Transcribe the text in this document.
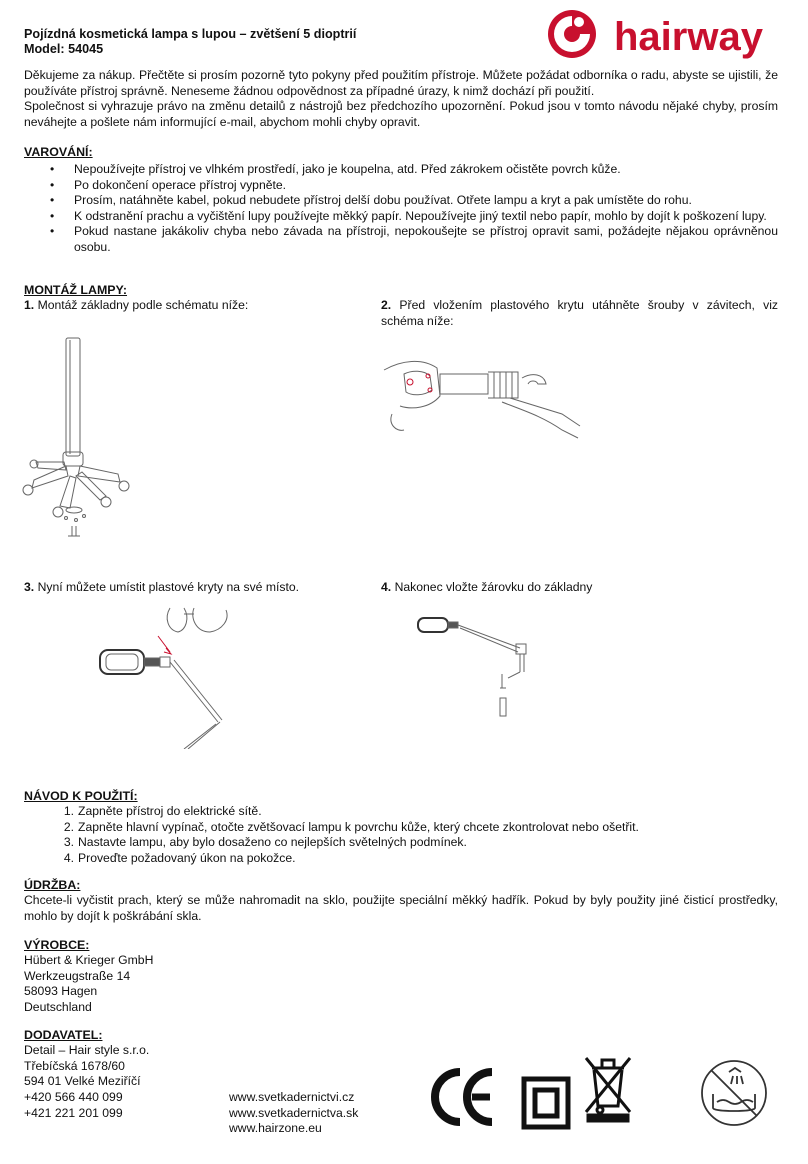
Pojízdná kosmetická lampa s lupou – zvětšení 5 dioptrií
Model: 54045	hairway
Děkujeme za nákup. Přečtěte si prosím pozorně tyto pokyny před použitím přístroje. Můžete požádat odborníka o radu, abyste se ujistili, že používáte přístroj správně. Neneseme žádnou odpovědnost za případné úrazy, k nimž dochází při použití.
Společnost si vyhrazuje právo na změnu detailů z nástrojů bez předchozího upozornění. Pokud jsou v tomto návodu nějaké chyby, prosím neváhejte a pošlete nám informující e-mail, abychom mohli chyby opravit.
VAROVÁNÍ:
• Nepoužívejte přístroj ve vlhkém prostředí, jako je koupelna, atd. Před zákrokem očistěte povrch kůže.
• Po dokončení operace přístroj vypněte.
• Prosím, natáhněte kabel, pokud nebudete přístroj delší dobu používat. Otřete lampu a kryt a pak umístěte do rohu.
• K odstranění prachu a vyčištění lupy používejte měkký papír. Nepoužívejte jiný textil nebo papír, mohlo by dojít k poškození lupy.
• Pokud nastane jakákoliv chyba nebo závada na přístroji, nepokoušejte se přístroj opravit sami, požádejte nějakou oprávněnou osobu.
MONTÁŽ LAMPY:
1. Montáž základny podle schématu níže:	2. Před vložením plastového krytu utáhněte šrouby v závitech, viz schéma níže:
3. Nyní můžete umístit plastové kryty na své místo.	4. Nakonec vložte žárovku do základny
NÁVOD K POUŽITÍ:
1. Zapněte přístroj do elektrické sítě.
2. Zapněte hlavní vypínač, otočte zvětšovací lampu k povrchu kůže, který chcete zkontrolovat nebo ošetřit.
3. Nastavte lampu, aby bylo dosaženo co nejlepších světelných podmínek.
4. Proveďte požadovaný úkon na pokožce.
ÚDRŽBA:
Chcete-li vyčistit prach, který se může nahromadit na sklo, použijte speciální měkký hadřík. Pokud by byly použity jiné čisticí prostředky, mohlo by dojít k poškrábání skla.
VÝROBCE:
Hübert & Krieger GmbH
Werkzeugstraße 14
58093 Hagen
Deutschland
DODAVATEL:
Detail – Hair style s.r.o.
Třebíčská 1678/60
594 01 Velké Meziříčí
+420 566 440 099
+421 221 201 099
www.svetkadernictvi.cz
www.svetkadernictva.sk
www.hairzone.eu
